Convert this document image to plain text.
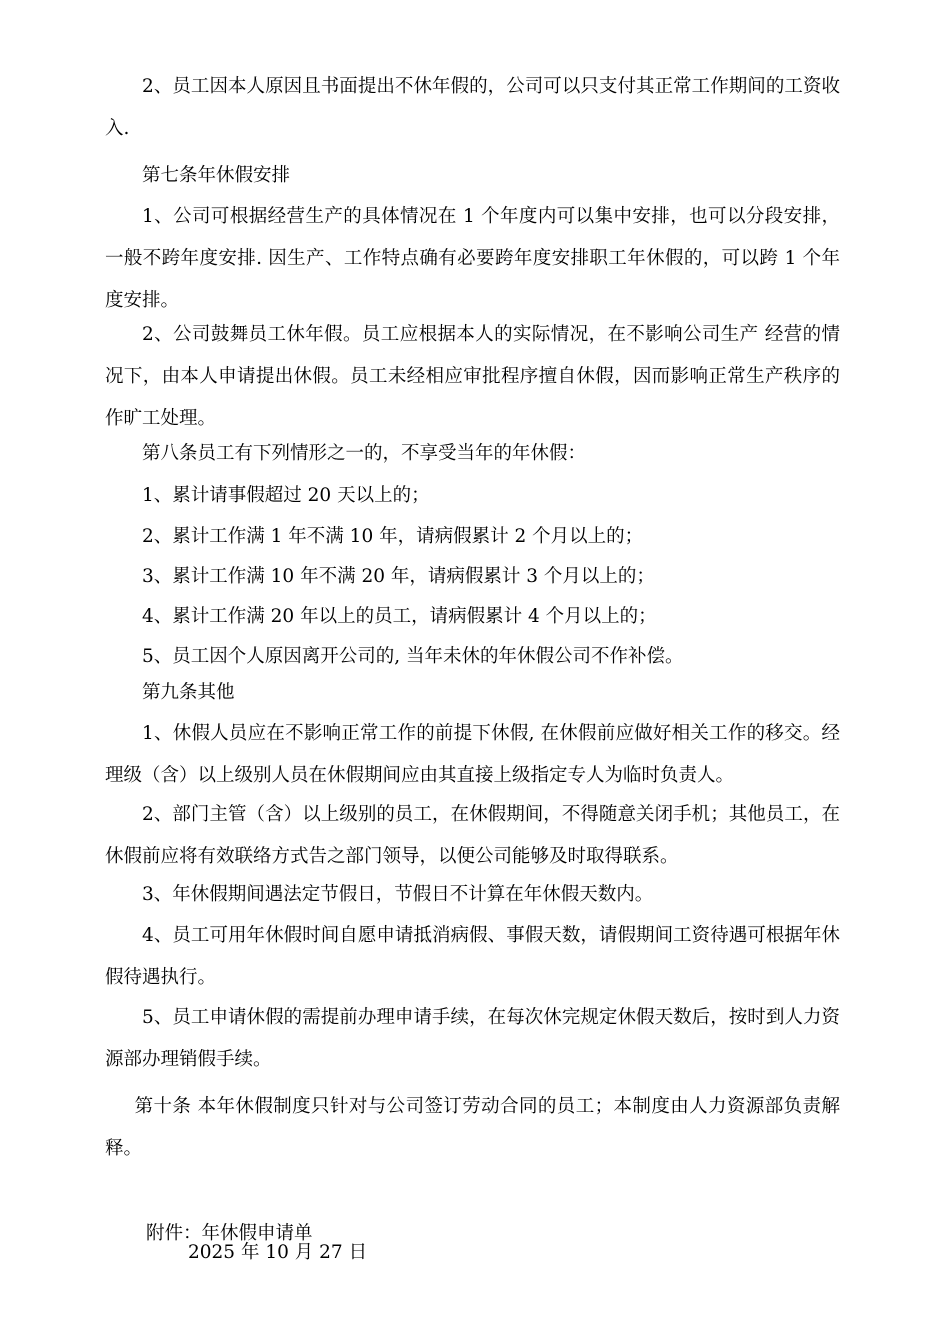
2、员工因本人原因且书面提出不休年假的，公司可以只支付其正常工作期间的工资收入.

第七条年休假安排

1、公司可根据经营生产的具体情况在 1 个年度内可以集中安排，也可以分段安排，一般不跨年度安排. 因生产、工作特点确有必要跨年度安排职工年休假的，可以跨 1 个年度安排。

2、公司鼓舞员工休年假。员工应根据本人的实际情况，在不影响公司生产 经营的情况下，由本人申请提出休假。员工未经相应审批程序擅自休假，因而影响正常生产秩序的作旷工处理。

第八条员工有下列情形之一的，不享受当年的年休假：

1、累计请事假超过 20 天以上的；

2、累计工作满 1 年不满 10 年，请病假累计 2 个月以上的；

3、累计工作满 10 年不满 20 年，请病假累计 3 个月以上的；

4、累计工作满 20 年以上的员工，请病假累计 4 个月以上的；

5、员工因个人原因离开公司的, 当年未休的年休假公司不作补偿。

第九条其他

1、休假人员应在不影响正常工作的前提下休假, 在休假前应做好相关工作的移交。经理级（含）以上级别人员在休假期间应由其直接上级指定专人为临时负责人。

2、部门主管（含）以上级别的员工，在休假期间，不得随意关闭手机；其他员工，在休假前应将有效联络方式告之部门领导，以便公司能够及时取得联系。

3、年休假期间遇法定节假日，节假日不计算在年休假天数内。

4、员工可用年休假时间自愿申请抵消病假、事假天数，请假期间工资待遇可根据年休假待遇执行。

5、员工申请休假的需提前办理申请手续，在每次休完规定休假天数后，按时到人力资源部办理销假手续。

第十条 本年休假制度只针对与公司签订劳动合同的员工；本制度由人力资源部负责解释。

附件：年休假申请单

2025 年 10 月 27 日
